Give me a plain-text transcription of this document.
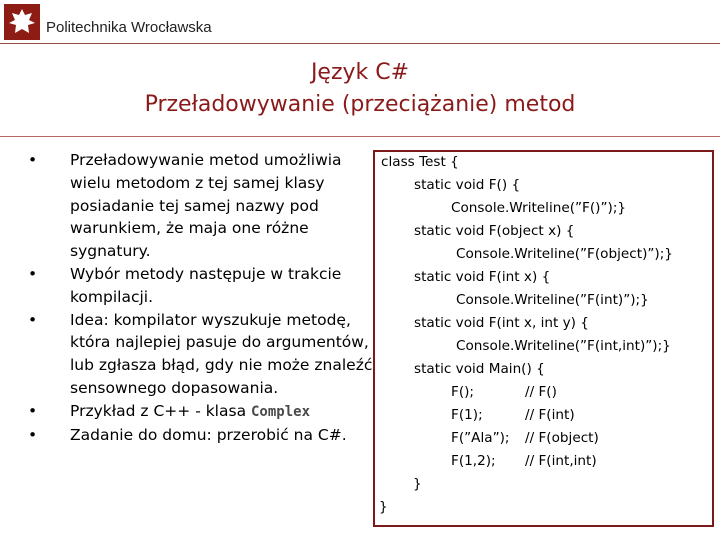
Politechnika Wrocławska
Język C#
Przeładowywanie (przeciążanie) metod
• Przeładowywanie metod umożliwia wielu metodom z tej samej klasy posiadanie tej samej nazwy pod warunkiem, że maja one różne sygnatury.
• Wybór metody następuje w trakcie kompilacji.
• Idea: kompilator wyszukuje metodę, która najlepiej pasuje do argumentów, lub zgłasza błąd, gdy nie może znaleźć sensownego dopasowania.
• Przykład z C++ - klasa Complex
• Zadanie do domu: przerobić na C#.
class Test {
static void F() {
Console.Writeline(”F()”);}
static void F(object x) {
Console.Writeline(”F(object)”);}
static void F(int x) {
Console.Writeline(”F(int)”);}
static void F(int x, int y) {
Console.Writeline(”F(int,int)”);}
static void Main() {
F();	// F()
F(1);	// F(int)
F(”Ala”); // F(object)
F(1,2); // F(int,int)
}
}
